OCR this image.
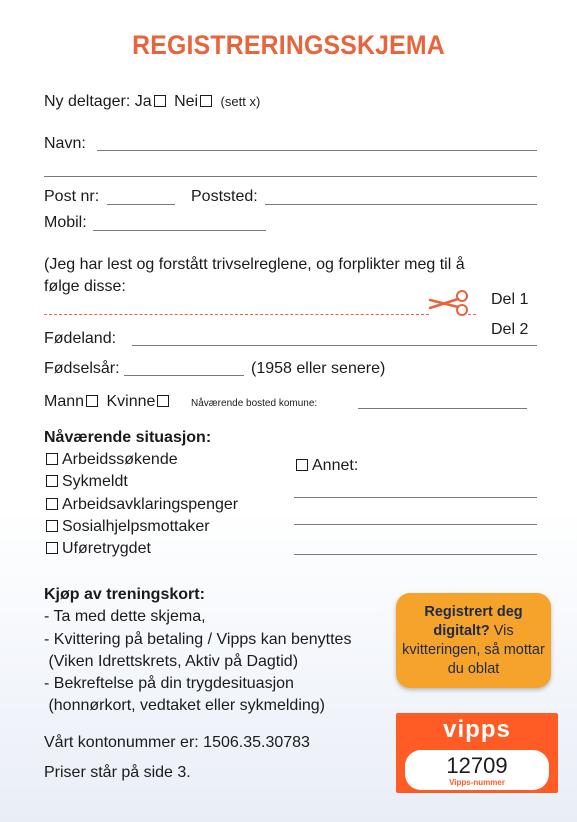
REGISTRERINGSSKJEMA
Ny deltager: Ja Nei (sett x)
Navn:
Post nr:	Poststed:
Mobil:
(Jeg har lest og forstått trivselreglene, og forplikter meg til å
følge disse:
Del 1
Del 2
Fødeland:
Fødselsår:	(1958 eller senere)
Mann Kvinne	Nåværende bosted komune:
Nåværende situasjon:
Arbeidssøkende
Sykmeldt
Arbeidsavklaringspenger
Sosialhjelpsmottaker
Uføretrygdet
Annet:
Kjøp av treningskort:
- Ta med dette skjema,
- Kvittering på betaling / Vipps kan benyttes
(Viken Idrettskrets, Aktiv på Dagtid)
- Bekreftelse på din trygdesituasjon
(honnørkort, vedtaket eller sykmelding)
Vårt kontonummer er: 1506.35.30783
Priser står på side 3.
Registrert deg digitalt? Vis kvitteringen, så mottar du oblat
vipps
12709
Vipps-nummer
